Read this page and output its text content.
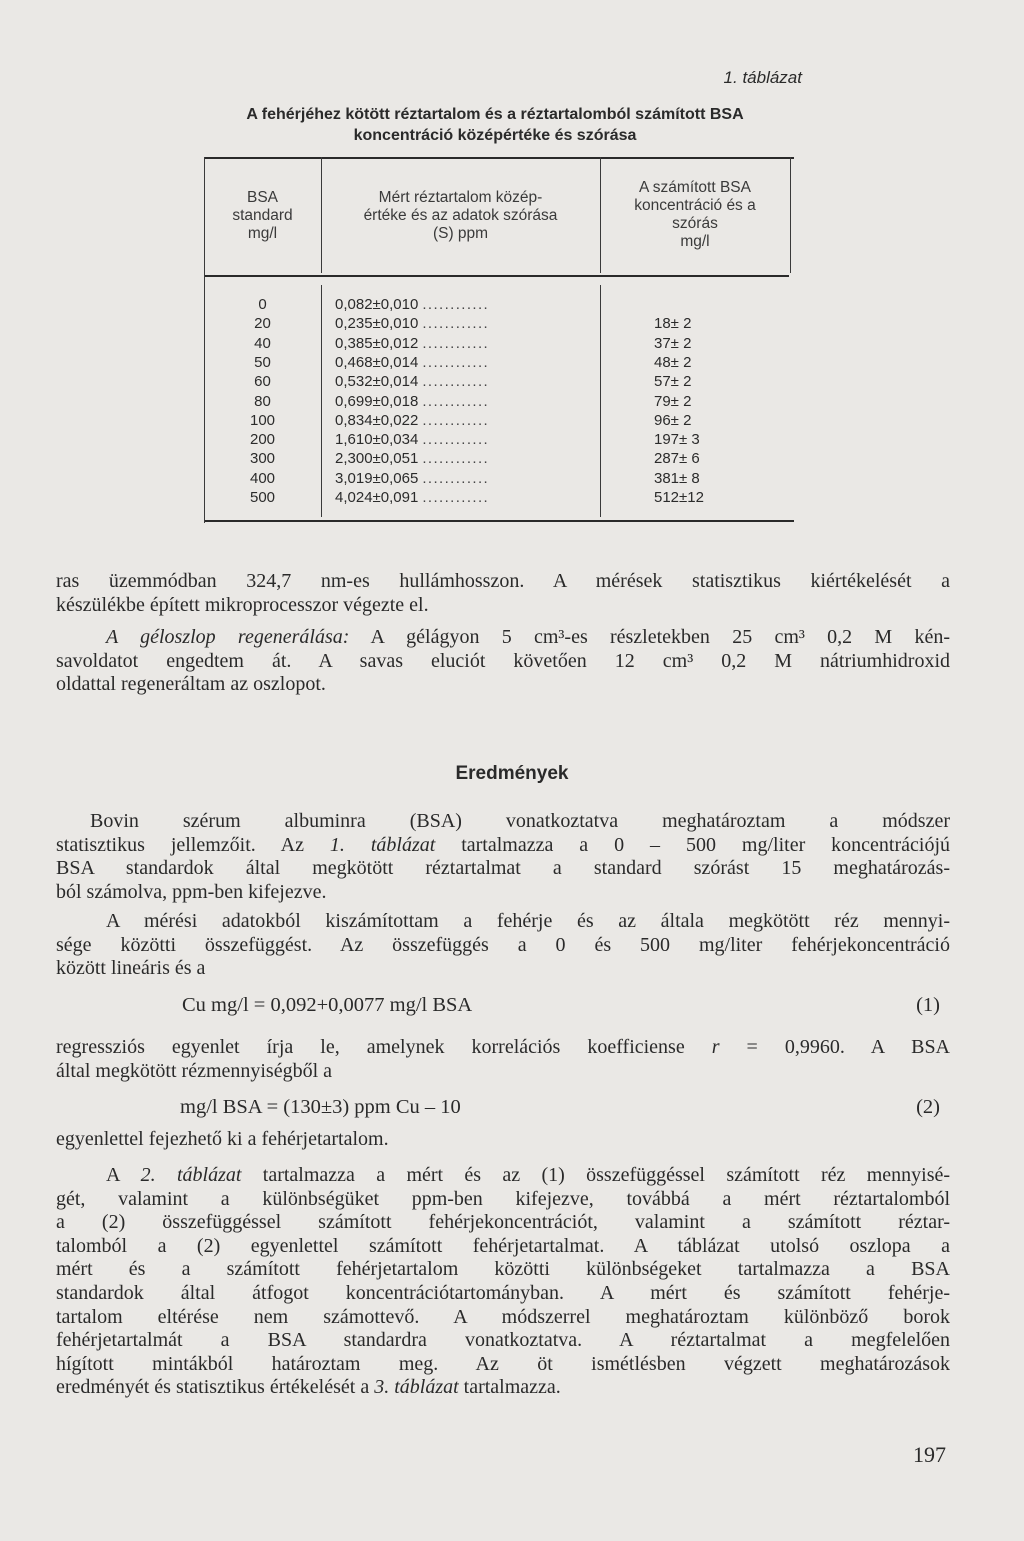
1. táblázat
A fehérjéhez kötött réztartalom és a réztartalomból számított BSA
koncentráció középértéke és szórása
BSA
standard
mg/l
Mért réztartalom közép-
értéke és az adatok szórása
(S) ppm
A számított BSA
koncentráció és a
szórás
mg/l
0	0,082±0,010 ............
20	0,235±0,010 ............	18± 2
40	0,385±0,012 ............	37± 2
50	0,468±0,014 ............	48± 2
60	0,532±0,014 ............	57± 2
80	0,699±0,018 ............	79± 2
100	0,834±0,022 ............	96± 2
200	1,610±0,034 ............	197± 3
300	2,300±0,051 ............	287± 6
400	3,019±0,065 ............	381± 8
500	4,024±0,091 ............	512±12
ras üzemmódban 324,7 nm-es hullámhosszon. A mérések statisztikus kiértékelését a
készülékbe épített mikroprocesszor végezte el.
A géloszlop regenerálása: A gélágyon 5 cm³-es részletekben 25 cm³ 0,2 M kén-
savoldatot engedtem át. A savas eluciót követően 12 cm³ 0,2 M nátriumhidroxid
oldattal regeneráltam az oszlopot.
Eredmények
Bovin szérum albuminra (BSA) vonatkoztatva meghatároztam a módszer
statisztikus jellemzőit. Az 1. táblázat tartalmazza a 0 – 500 mg/liter koncentrációjú
BSA standardok által megkötött réztartalmat a standard szórást 15 meghatározás-
ból számolva, ppm-ben kifejezve.
A mérési adatokból kiszámítottam a fehérje és az általa megkötött réz mennyi-
sége közötti összefüggést. Az összefüggés a 0 és 500 mg/liter fehérjekoncentráció
között lineáris és a
Cu mg/l = 0,092+0,0077 mg/l BSA	(1)
regressziós egyenlet írja le, amelynek korrelációs koefficiense r = 0,9960. A BSA
által megkötött rézmennyiségből a
mg/l BSA = (130±3) ppm Cu – 10	(2)
egyenlettel fejezhető ki a fehérjetartalom.
A 2. táblázat tartalmazza a mért és az (1) összefüggéssel számított réz mennyisé-
gét, valamint a különbségüket ppm-ben kifejezve, továbbá a mért réztartalomból
a (2) összefüggéssel számított fehérjekoncentrációt, valamint a számított réztar-
talomból a (2) egyenlettel számított fehérjetartalmat. A táblázat utolsó oszlopa a
mért és a számított fehérjetartalom közötti különbségeket tartalmazza a BSA
standardok által átfogot koncentrációtartományban. A mért és számított fehérje-
tartalom eltérése nem számottevő. A módszerrel meghatároztam különböző borok
fehérjetartalmát a BSA standardra vonatkoztatva. A réztartalmat a megfelelően
hígított mintákból határoztam meg. Az öt ismétlésben végzett meghatározások
eredményét és statisztikus értékelését a 3. táblázat tartalmazza.
197
